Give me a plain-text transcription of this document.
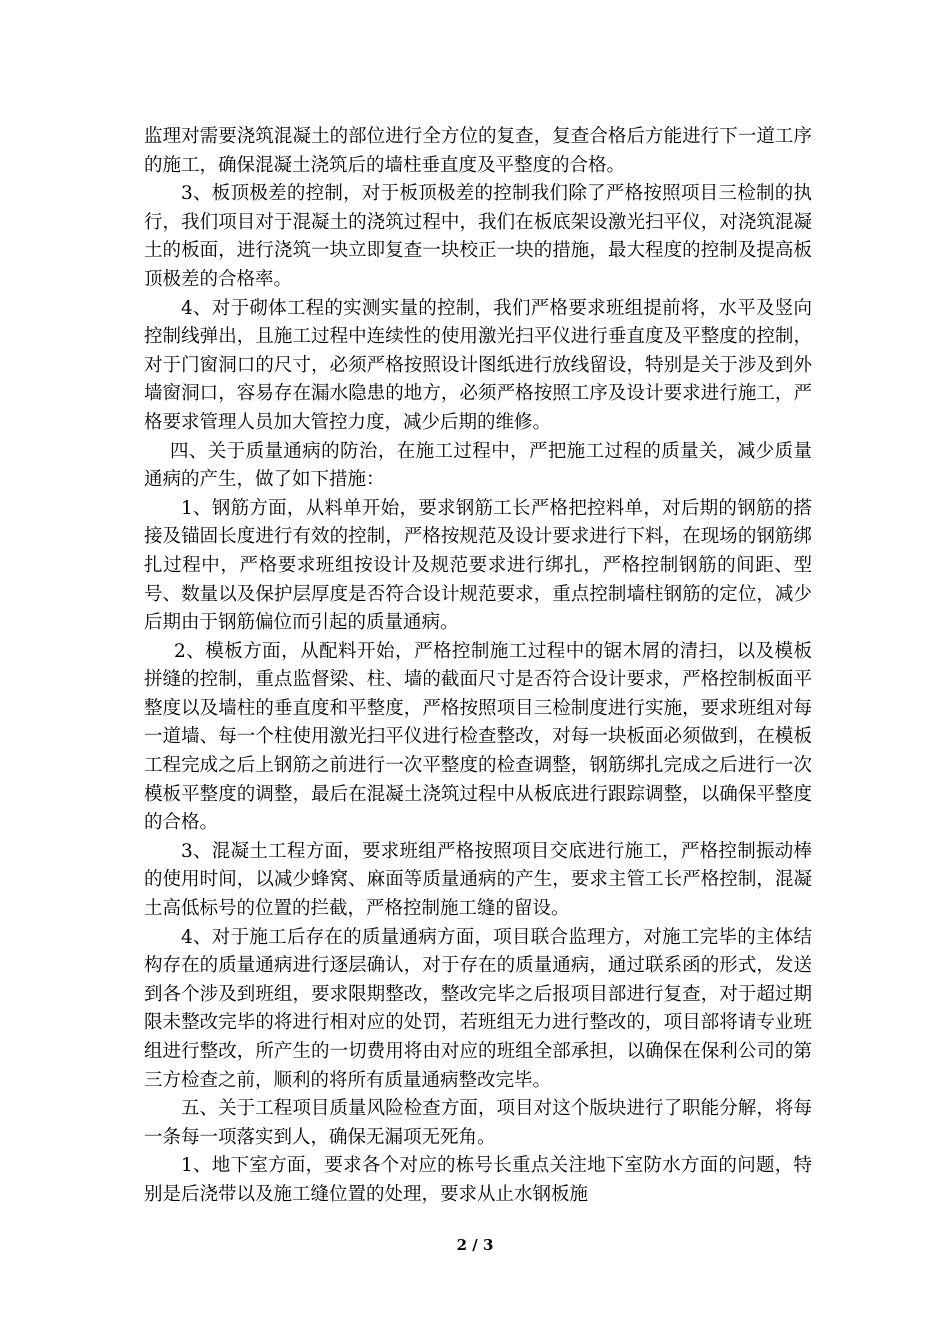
监理对需要浇筑混凝土的部位进行全方位的复查，复查合格后方能进行下一道工序的施工，确保混凝土浇筑后的墙柱垂直度及平整度的合格。

3、板顶极差的控制，对于板顶极差的控制我们除了严格按照项目三检制的执行，我们项目对于混凝土的浇筑过程中，我们在板底架设激光扫平仪，对浇筑混凝土的板面，进行浇筑一块立即复查一块校正一块的措施，最大程度的控制及提高板顶极差的合格率。

4、对于砌体工程的实测实量的控制，我们严格要求班组提前将，水平及竖向控制线弹出，且施工过程中连续性的使用激光扫平仪进行垂直度及平整度的控制，对于门窗洞口的尺寸，必须严格按照设计图纸进行放线留设，特别是关于涉及到外墙窗洞口，容易存在漏水隐患的地方，必须严格按照工序及设计要求进行施工，严格要求管理人员加大管控力度，减少后期的维修。

四、关于质量通病的防治，在施工过程中，严把施工过程的质量关，减少质量通病的产生，做了如下措施：

1、钢筋方面，从料单开始，要求钢筋工长严格把控料单，对后期的钢筋的搭接及锚固长度进行有效的控制，严格按规范及设计要求进行下料，在现场的钢筋绑扎过程中，严格要求班组按设计及规范要求进行绑扎，严格控制钢筋的间距、型号、数量以及保护层厚度是否符合设计规范要求，重点控制墙柱钢筋的定位，减少后期由于钢筋偏位而引起的质量通病。

2、模板方面，从配料开始，严格控制施工过程中的锯木屑的清扫，以及模板拼缝的控制，重点监督梁、柱、墙的截面尺寸是否符合设计要求，严格控制板面平整度以及墙柱的垂直度和平整度，严格按照项目三检制度进行实施，要求班组对每一道墙、每一个柱使用激光扫平仪进行检查整改，对每一块板面必须做到，在模板工程完成之后上钢筋之前进行一次平整度的检查调整，钢筋绑扎完成之后进行一次模板平整度的调整，最后在混凝土浇筑过程中从板底进行跟踪调整，以确保平整度的合格。

3、混凝土工程方面，要求班组严格按照项目交底进行施工，严格控制振动棒的使用时间，以减少蜂窝、麻面等质量通病的产生，要求主管工长严格控制，混凝土高低标号的位置的拦截，严格控制施工缝的留设。

4、对于施工后存在的质量通病方面，项目联合监理方，对施工完毕的主体结构存在的质量通病进行逐层确认，对于存在的质量通病，通过联系函的形式，发送到各个涉及到班组，要求限期整改，整改完毕之后报项目部进行复查，对于超过期限未整改完毕的将进行相对应的处罚，若班组无力进行整改的，项目部将请专业班组进行整改，所产生的一切费用将由对应的班组全部承担，以确保在保利公司的第三方检查之前，顺利的将所有质量通病整改完毕。

五、关于工程项目质量风险检查方面，项目对这个版块进行了职能分解，将每一条每一项落实到人，确保无漏项无死角。

1、地下室方面，要求各个对应的栋号长重点关注地下室防水方面的问题，特别是后浇带以及施工缝位置的处理，要求从止水钢板施

2 / 3
